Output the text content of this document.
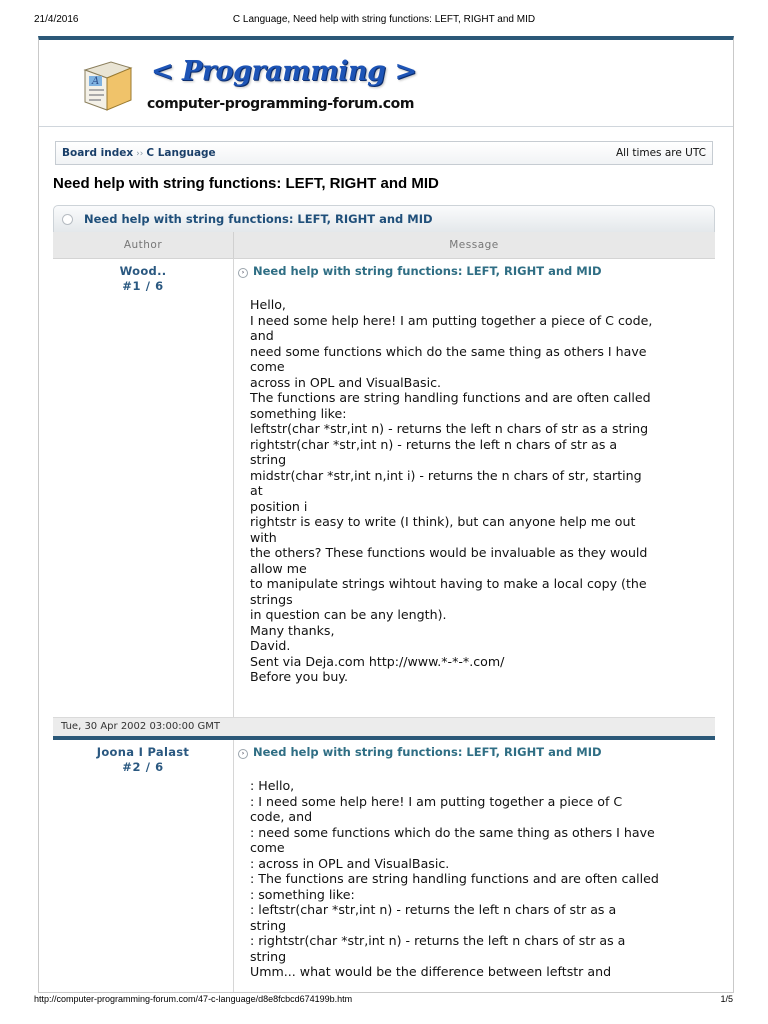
21/4/2016	C Language, Need help with string functions: LEFT, RIGHT and MID
A < Programming >
computer-programming-forum.com
Board index ›› C Language	All times are UTC
Need help with string functions: LEFT, RIGHT and MID
Need help with string functions: LEFT, RIGHT and MID
Author	Message
Wood..
#1 / 6
› Need help with string functions: LEFT, RIGHT and MID
Hello,
I need some help here! I am putting together a piece of C code,
and
need some functions which do the same thing as others I have
come
across in OPL and VisualBasic.
The functions are string handling functions and are often called
something like:
leftstr(char *str,int n) - returns the left n chars of str as a string
rightstr(char *str,int n) - returns the left n chars of str as a
string
midstr(char *str,int n,int i) - returns the n chars of str, starting
at
position i
rightstr is easy to write (I think), but can anyone help me out
with
the others? These functions would be invaluable as they would
allow me
to manipulate strings wihtout having to make a local copy (the
strings
in question can be any length).
Many thanks,
David.
Sent via Deja.com http://www.*-*-*.com/
Before you buy.
Tue, 30 Apr 2002 03:00:00 GMT
Joona I Palast
#2 / 6
› Need help with string functions: LEFT, RIGHT and MID
: Hello,
: I need some help here! I am putting together a piece of C
code, and
: need some functions which do the same thing as others I have
come
: across in OPL and VisualBasic.
: The functions are string handling functions and are often called
: something like:
: leftstr(char *str,int n) - returns the left n chars of str as a
string
: rightstr(char *str,int n) - returns the left n chars of str as a
string
Umm... what would be the difference between leftstr and
http://computer-programming-forum.com/47-c-language/d8e8fcbcd674199b.htm	1/5
